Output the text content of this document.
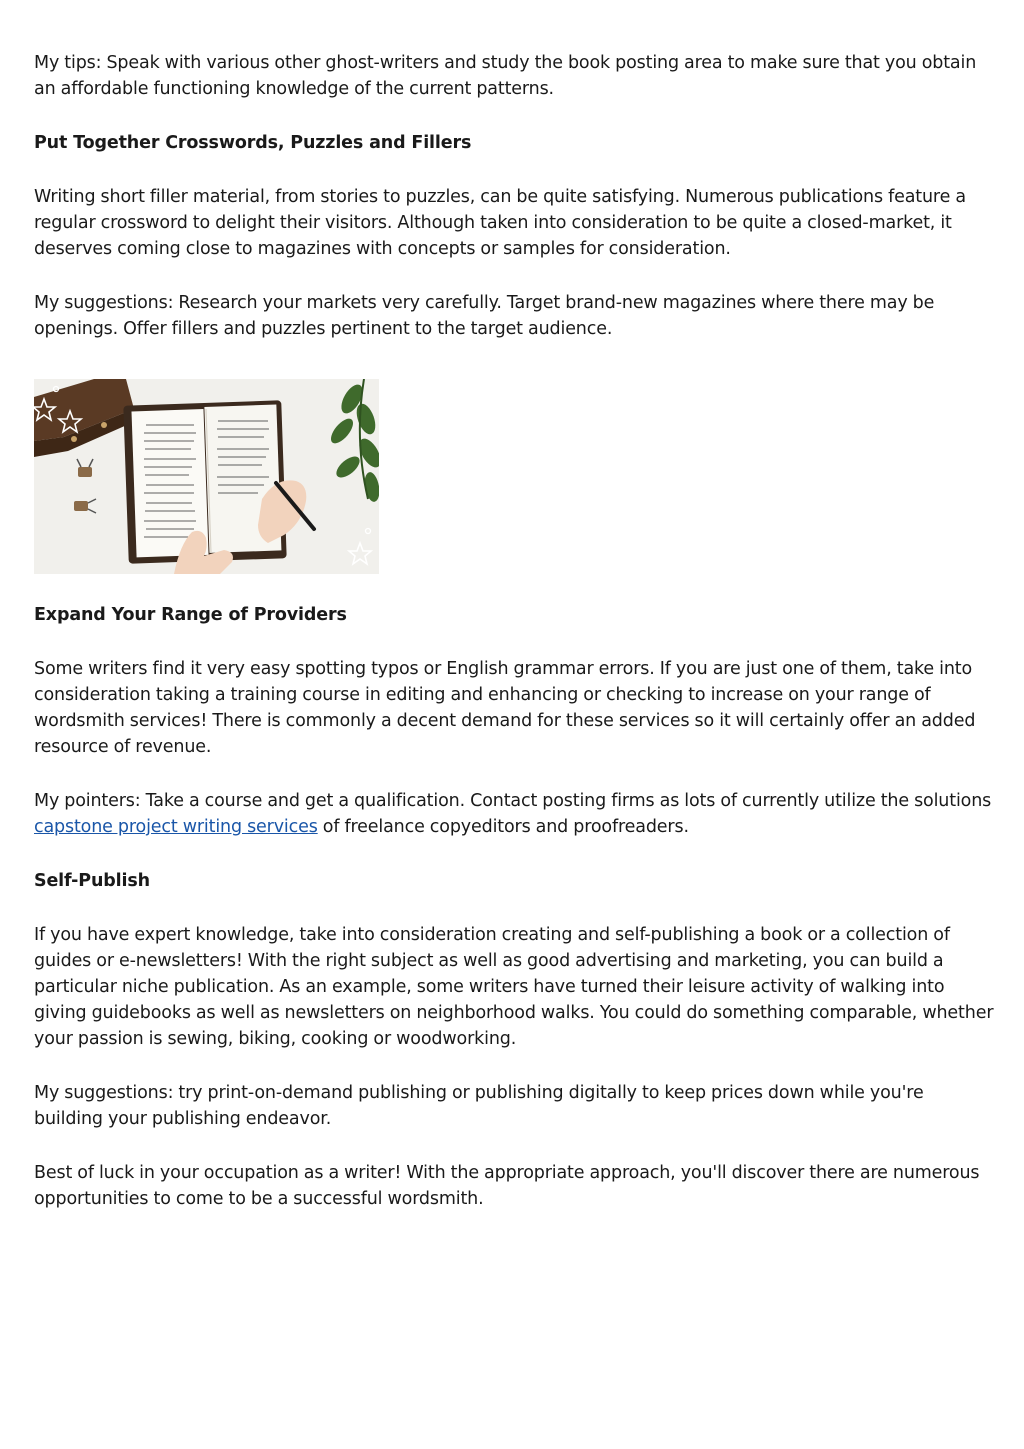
My tips: Speak with various other ghost-writers and study the book posting area to make sure that you obtain an affordable functioning knowledge of the current patterns.

Put Together Crosswords, Puzzles and Fillers

Writing short filler material, from stories to puzzles, can be quite satisfying. Numerous publications feature a regular crossword to delight their visitors. Although taken into consideration to be quite a closed-market, it deserves coming close to magazines with concepts or samples for consideration.

My suggestions: Research your markets very carefully. Target brand-new magazines where there may be openings. Offer fillers and puzzles pertinent to the target audience.

Expand Your Range of Providers

Some writers find it very easy spotting typos or English grammar errors. If you are just one of them, take into consideration taking a training course in editing and enhancing or checking to increase on your range of wordsmith services! There is commonly a decent demand for these services so it will certainly offer an added resource of revenue.

My pointers: Take a course and get a qualification. Contact posting firms as lots of currently utilize the solutions capstone project writing services of freelance copyeditors and proofreaders.

Self-Publish

If you have expert knowledge, take into consideration creating and self-publishing a book or a collection of guides or e-newsletters! With the right subject as well as good advertising and marketing, you can build a particular niche publication. As an example, some writers have turned their leisure activity of walking into giving guidebooks as well as newsletters on neighborhood walks. You could do something comparable, whether your passion is sewing, biking, cooking or woodworking.

My suggestions: try print-on-demand publishing or publishing digitally to keep prices down while you're building your publishing endeavor.

Best of luck in your occupation as a writer! With the appropriate approach, you'll discover there are numerous opportunities to come to be a successful wordsmith.
